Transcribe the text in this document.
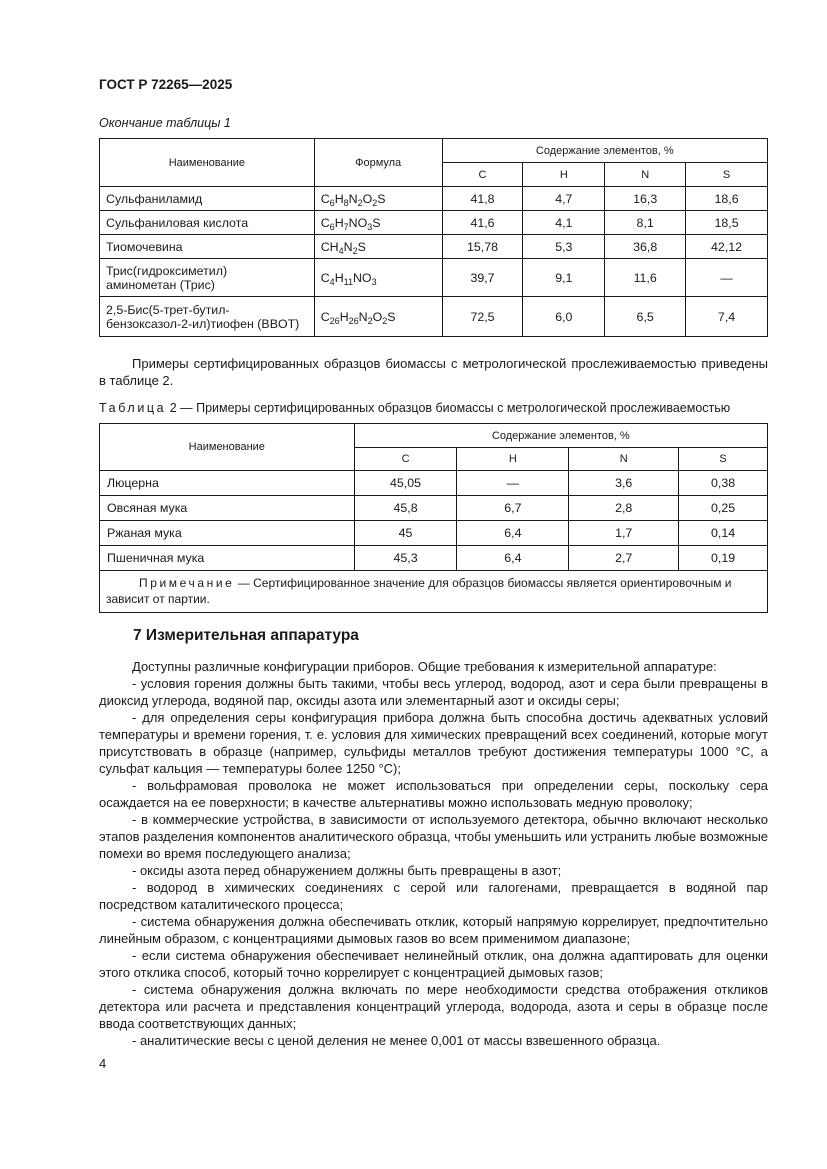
ГОСТ Р 72265—2025
Окончание таблицы 1
Наименование	Формула	Содержание элементов, %			
		C	H	N	S
Сульфаниламид	$C_6H_8N_2O_2S$	41,8	4,7	16,3	18,6
Сульфаниловая кислота	$C_6H_7NO_3S$	41,6	4,1	8,1	18,5
Тиомочевина	$CH_4N_2S$	15,78	5,3	36,8	42,12
Трис(гидроксиметил)
аминометан (Трис)	$C_4H_{11}NO_3$	39,7	9,1	11,6	—
2,5-Бис(5-трет-бутил-
бензоксазол-2-ил)тиофен (BBOT)	$C_{26}H_{26}N_2O_2S$	72,5	6,0	6,5	7,4

Примеры сертифицированных образцов биомассы с метрологической прослеживаемостью приведены в таблице 2.

Таблица 2 — Примеры сертифицированных образцов биомассы с метрологической прослеживаемостью
Наименование	Содержание элементов, %			
	C	H	N	S
Люцерна	45,05	—	3,6	0,38
Овсяная мука	45,8	6,7	2,8	0,25
Ржаная мука	45	6,4	1,7	0,14
Пшеничная мука	45,3	6,4	2,7	0,19
Примечание — Сертифицированное значение для образцов биомассы является ориентировочным и зависит от партии.				
7 Измерительная аппаратура

Доступны различные конфигурации приборов. Общие требования к измерительной аппаратуре:

- условия горения должны быть такими, чтобы весь углерод, водород, азот и сера были превращены в диоксид углерода, водяной пар, оксиды азота или элементарный азот и оксиды серы;

- для определения серы конфигурация прибора должна быть способна достичь адекватных условий температуры и времени горения, т. е. условия для химических превращений всех соединений, которые могут присутствовать в образце (например, сульфиды металлов требуют достижения температуры 1000 °С, а сульфат кальция — температуры более 1250 °С);

- вольфрамовая проволока не может использоваться при определении серы, поскольку сера осаждается на ее поверхности; в качестве альтернативы можно использовать медную проволоку;

- в коммерческие устройства, в зависимости от используемого детектора, обычно включают несколько этапов разделения компонентов аналитического образца, чтобы уменьшить или устранить любые возможные помехи во время последующего анализа;

- оксиды азота перед обнаружением должны быть превращены в азот;

- водород в химических соединениях с серой или галогенами, превращается в водяной пар посредством каталитического процесса;

- система обнаружения должна обеспечивать отклик, который напрямую коррелирует, предпочтительно линейным образом, с концентрациями дымовых газов во всем применимом диапазоне;

- если система обнаружения обеспечивает нелинейный отклик, она должна адаптировать для оценки этого отклика способ, который точно коррелирует с концентрацией дымовых газов;

- система обнаружения должна включать по мере необходимости средства отображения откликов детектора или расчета и представления концентраций углерода, водорода, азота и серы в образце после ввода соответствующих данных;

- аналитические весы с ценой деления не менее 0,001 от массы взвешенного образца.

4
